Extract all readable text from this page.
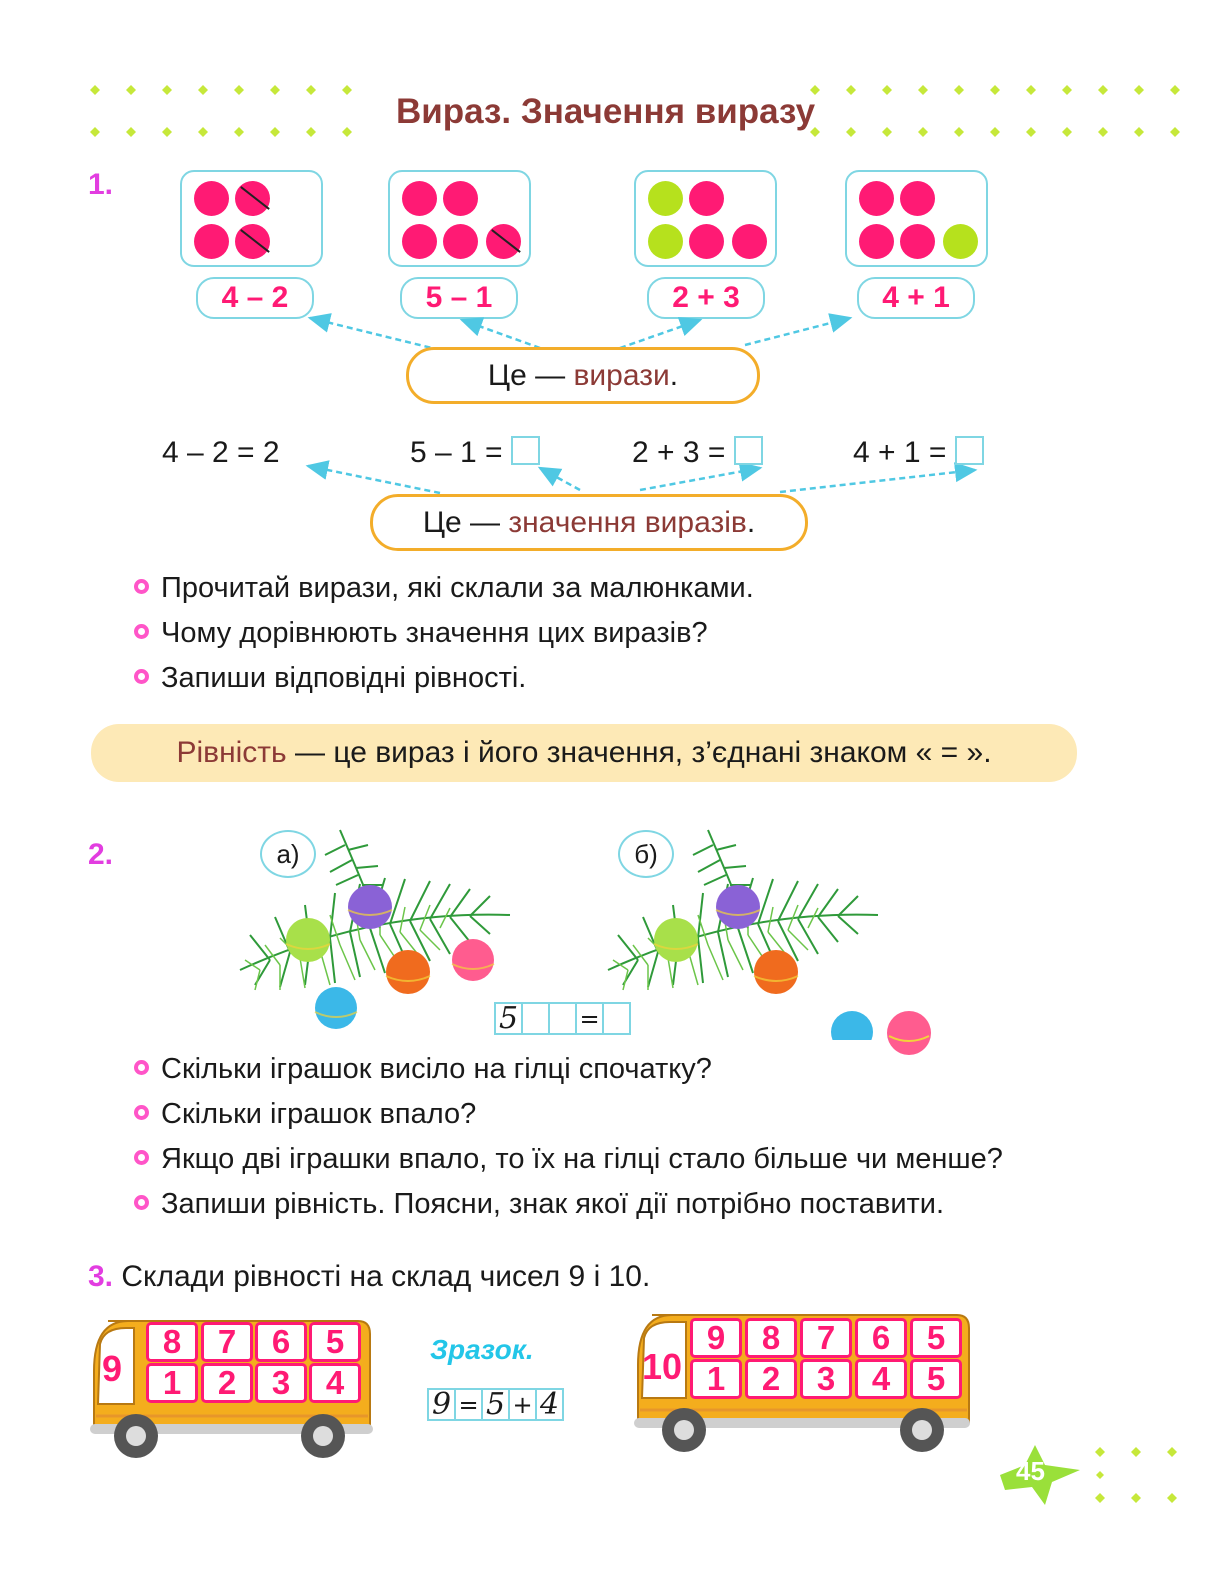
Вираз. Значення виразу
1.
4 – 2	5 – 1	2 + 3	4 + 1
Це — вирази.
4 – 2 = 2	5 – 1 =	2 + 3 =	4 + 1 =
Це — значення виразів.
Прочитай вирази, які склали за малюнками.
Чому дорівнюють значення цих виразів?
Запиши відповідні рівності.
Рівність — це вираз і його значення, з’єднані знаком « = ».
2.	а)	б)
5	=
Скільки іграшок висіло на гілці спочатку?
Скільки іграшок впало?
Якщо дві іграшки впало, то їх на гілці стало більше чи менше?
Запиши рівність. Поясни, знак якої дії потрібно поставити.
3. Склади рівності на склад чисел 9 і 10.
9
8	7	6	5
1	2	3	4
Зразок.
9 = 5 + 4
10
9	8	7	6	5
1	2	3	4	5
45
